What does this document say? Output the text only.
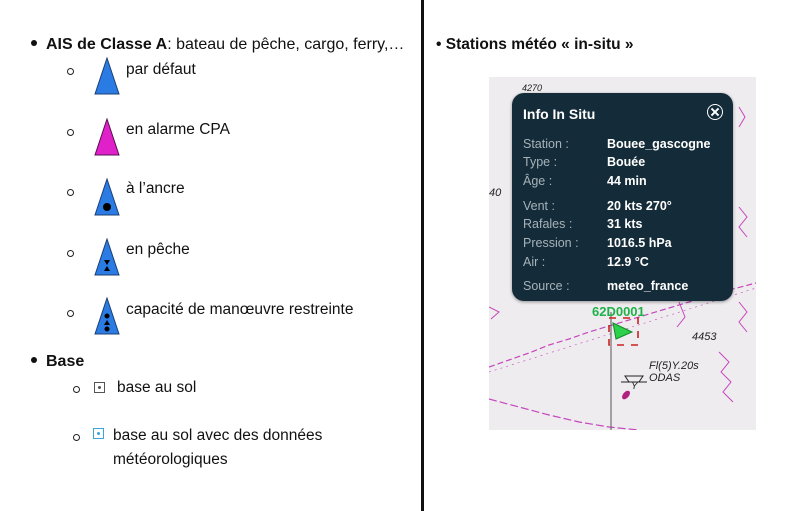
AIS de Classe A: bateau de pêche, cargo, ferry,…
par défaut
en alarme CPA
à l’ancre
en pêche
capacité de manœuvre restreinte
Base
base au sol
base au sol avec des données
météorologiques
• Stations météo « in-situ »
40
4270
4453
Fl(5)Y.20s
ODAS
Y
62D0001
Info In Situ
Station :	Bouee_gascogne
Type :	Bouée
Âge :	44 min
Vent :	20 kts 270°
Rafales :	31 kts
Pression : 1016.5 hPa
Air :	12.9 °C
Source :	meteo_france
